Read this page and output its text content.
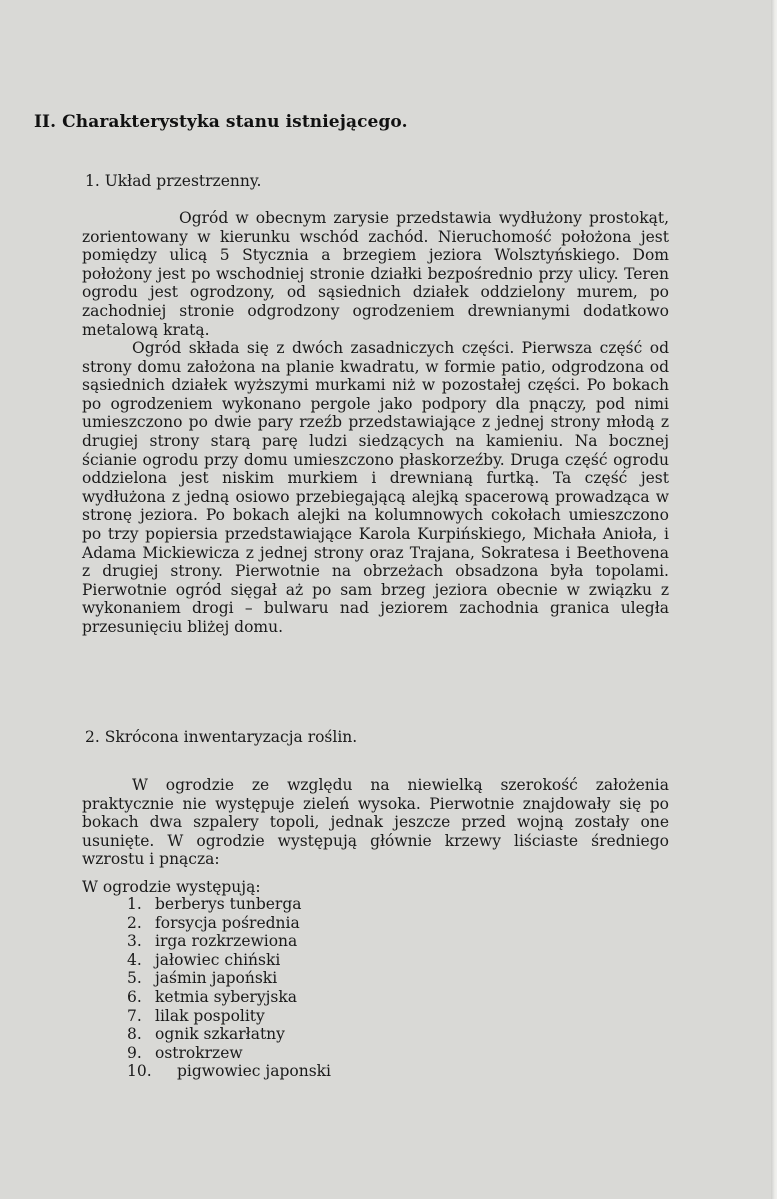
II. Charakterystyka stanu istniejącego.

1. Układ przestrzenny.

Ogród w obecnym zarysie przedstawia wydłużony prostokąt, zorientowany w kierunku wschód zachód. Nieruchomość położona jest pomiędzy ulicą 5 Stycznia a brzegiem jeziora Wolsztyńskiego. Dom położony jest po wschodniej stronie działki bezpośrednio przy ulicy. Teren ogrodu jest ogrodzony, od sąsiednich działek oddzielony murem, po zachodniej stronie odgrodzony ogrodzeniem drewnianymi dodatkowo metalową kratą.

Ogród składa się z dwóch zasadniczych części. Pierwsza część od strony domu założona na planie kwadratu, w formie patio, odgrodzona od sąsiednich działek wyższymi murkami niż w pozostałej części. Po bokach po ogrodzeniem wykonano pergole jako podpory dla pnączy, pod nimi umieszczono po dwie pary rzeźb przedstawiające z jednej strony młodą z drugiej strony starą parę ludzi siedzących na kamieniu. Na bocznej ścianie ogrodu przy domu umieszczono płaskorzeźby. Druga część ogrodu oddzielona jest niskim murkiem i drewnianą furtką. Ta część jest wydłużona z jedną osiowo przebiegającą alejką spacerową prowadząca w stronę jeziora. Po bokach alejki na kolumnowych cokołach umieszczono po trzy popiersia przedstawiające Karola Kurpińskiego, Michała Anioła, i Adama Mickiewicza z jednej strony oraz Trajana, Sokratesa i Beethovena z drugiej strony. Pierwotnie na obrzeżach obsadzona była topolami. Pierwotnie ogród sięgał aż po sam brzeg jeziora obecnie w związku z wykonaniem drogi – bulwaru nad jeziorem zachodnia granica uległa przesunięciu bliżej domu.

2. Skrócona inwentaryzacja roślin.

W ogrodzie ze względu na niewielką szerokość założenia praktycznie nie występuje zieleń wysoka. Pierwotnie znajdowały się po bokach dwa szpalery topoli, jednak jeszcze przed wojną zostały one usunięte. W ogrodzie występują głównie krzewy liściaste średniego wzrostu i pnącza:

W ogrodzie występują:

1. berberys tunberga
2. forsycja pośrednia
3. irga rozkrzewiona
4. jałowiec chiński
5. jaśmin japoński
6. ketmia syberyjska
7. lilak pospolity
8. ognik szkarłatny
9. ostrokrzew
10.	pigwowiec japonski
